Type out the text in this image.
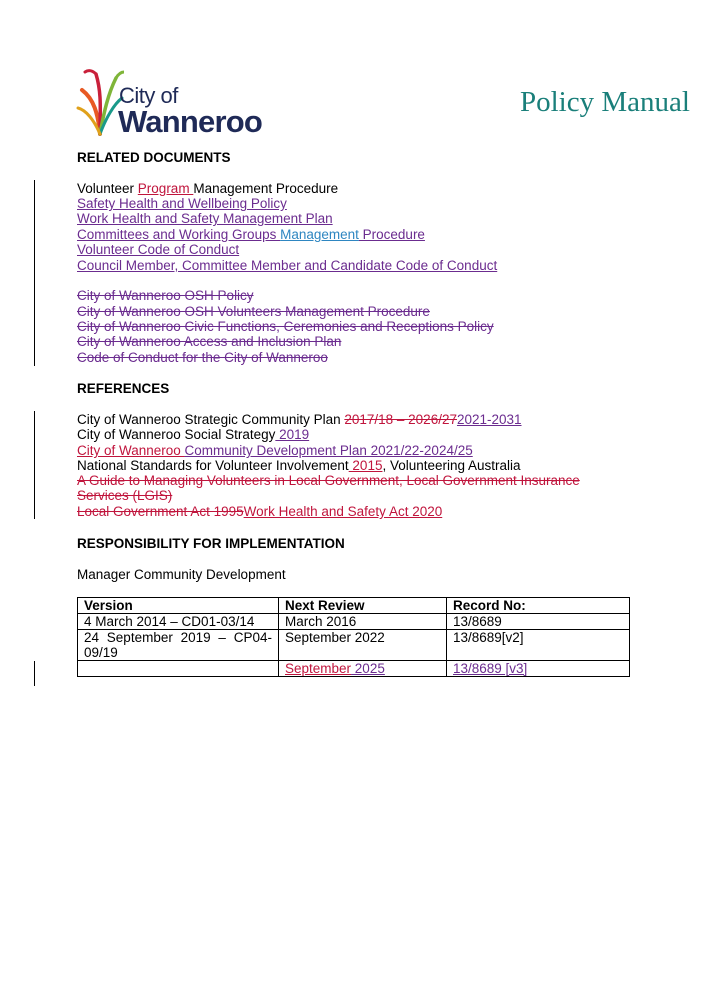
City of
Wanneroo
Policy Manual
RELATED DOCUMENTS
Volunteer Program Management Procedure
Safety Health and Wellbeing Policy
Work Health and Safety Management Plan
Committees and Working Groups Management Procedure
Volunteer Code of Conduct
Council Member, Committee Member and Candidate Code of Conduct
City of Wanneroo OSH Policy
City of Wanneroo OSH Volunteers Management Procedure
City of Wanneroo Civic Functions, Ceremonies and Receptions Policy
City of Wanneroo Access and Inclusion Plan
Code of Conduct for the City of Wanneroo
REFERENCES
City of Wanneroo Strategic Community Plan 2017/18 – 2026/272021-2031
City of Wanneroo Social Strategy 2019
City of Wanneroo Community Development Plan 2021/22-2024/25
National Standards for Volunteer Involvement 2015, Volunteering Australia
A Guide to Managing Volunteers in Local Government, Local Government Insurance Services (LGIS)
Local Government Act 1995Work Health and Safety Act 2020
RESPONSIBILITY FOR IMPLEMENTATION
Manager Community Development
Version	Next Review	Record No:
4 March 2014 – CD01-03/14	March 2016	13/8689

24 September 2019 – CP04-
09/19	September 2022	13/8689[v2]
	September 2025	13/8689 [v3]
